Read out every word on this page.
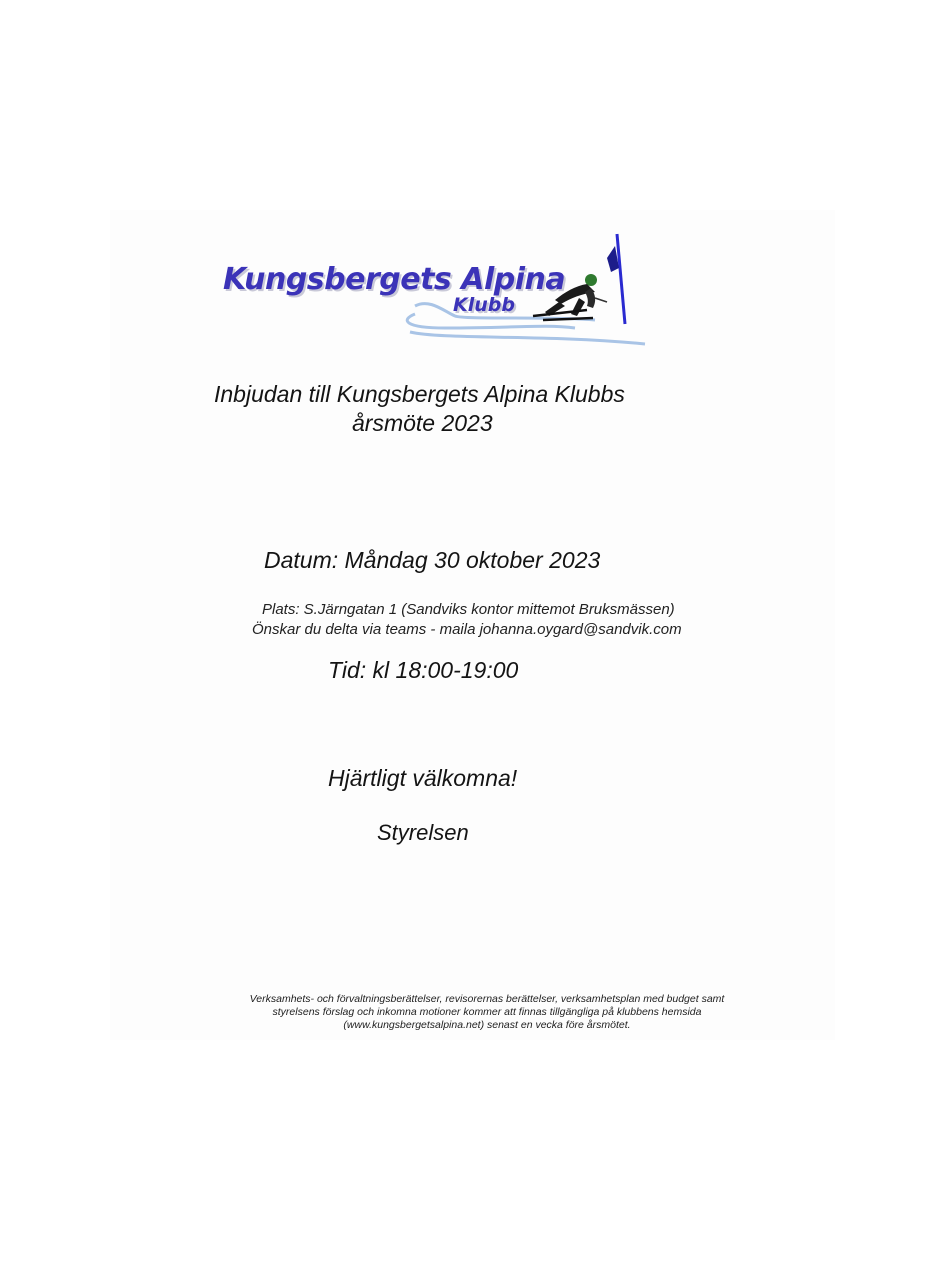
Kungsbergets Alpina
Klubb

Inbjudan till Kungsbergets Alpina Klubbs

årsmöte 2023

Datum: Måndag 30 oktober 2023

Plats: S.Järngatan 1 (Sandviks kontor mittemot Bruksmässen)

Önskar du delta via teams - maila johanna.oygard@sandvik.com

Tid: kl 18:00-19:00

Hjärtligt välkomna!

Styrelsen

Verksamhets- och förvaltningsberättelser, revisorernas berättelser, verksamhetsplan med budget samt
styrelsens förslag och inkomna motioner kommer att finnas tillgängliga på klubbens hemsida
(www.kungsbergetsalpina.net) senast en vecka före årsmötet.
